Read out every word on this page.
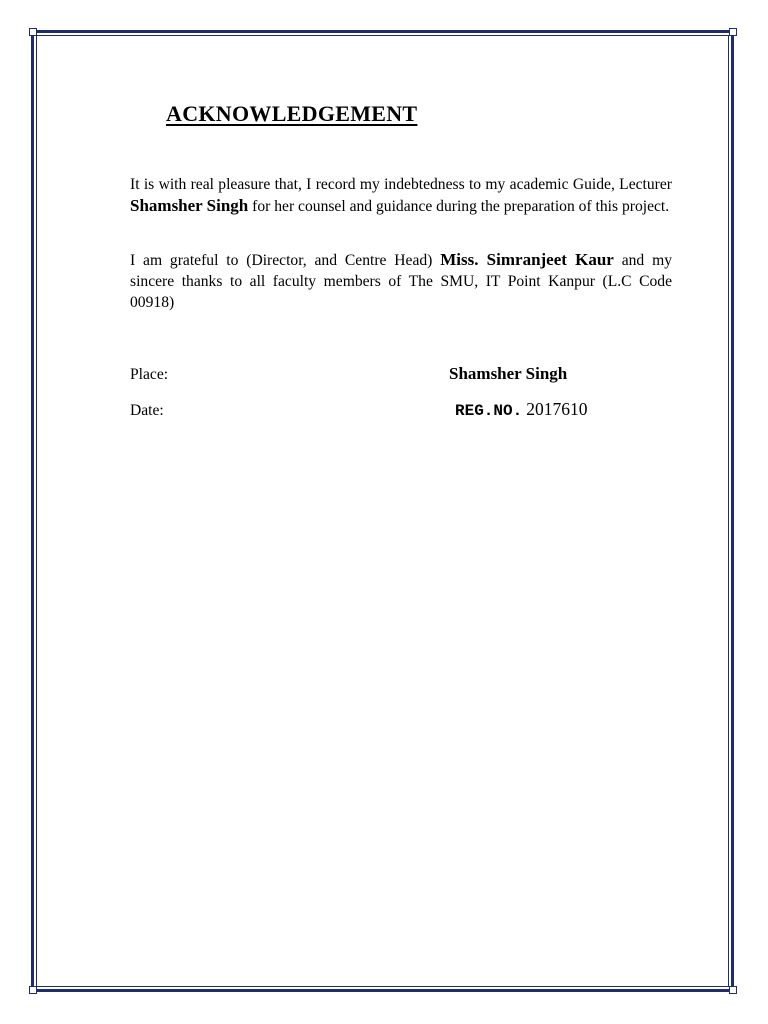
ACKNOWLEDGEMENT

It is with real pleasure that, I record my indebtedness to my academic Guide, Lecturer Shamsher Singh for her counsel and guidance during the preparation of this project.

I am grateful to (Director, and Centre Head) Miss. Simranjeet Kaur and my sincere thanks to all faculty members of The SMU, IT Point Kanpur (L.C Code 00918)

Place:
Date:
Shamsher Singh
REG.NO. 2017610
